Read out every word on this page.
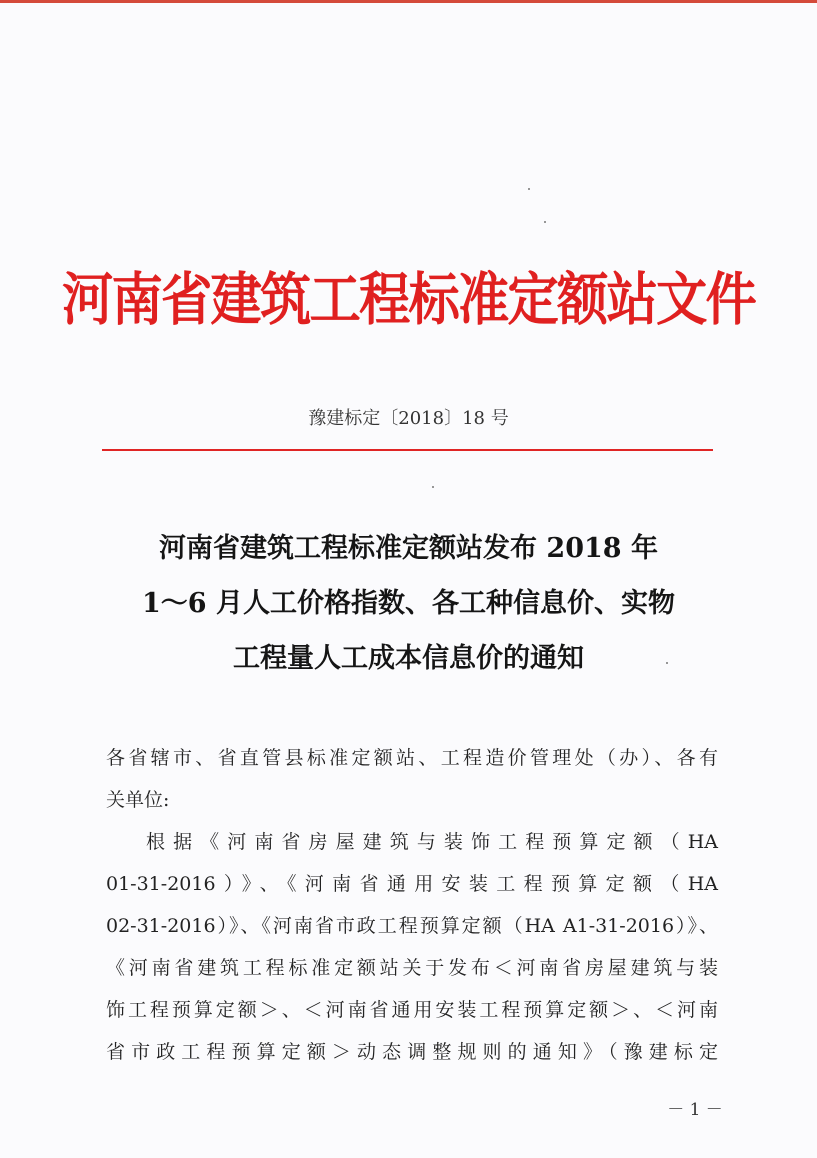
河南省建筑工程标准定额站文件
豫建标定〔2018〕18 号
河南省建筑工程标准定额站发布 2018 年
1～6 月人工价格指数、各工种信息价、实物
工程量人工成本信息价的通知
各省辖市、省直管县标准定额站、工程造价管理处（办）、各有
关单位:
根据《河南省房屋建筑与装饰工程预算定额（HA
01-31-2016）》、《河南省通用安装工程预算定额（HA
02-31-2016）》、《河南省市政工程预算定额（HA A1-31-2016）》、
《河南省建筑工程标准定额站关于发布＜河南省房屋建筑与装
饰工程预算定额＞、＜河南省通用安装工程预算定额＞、＜河南
省市政工程预算定额＞动态调整规则的通知》（豫建标定
－ 1 －
